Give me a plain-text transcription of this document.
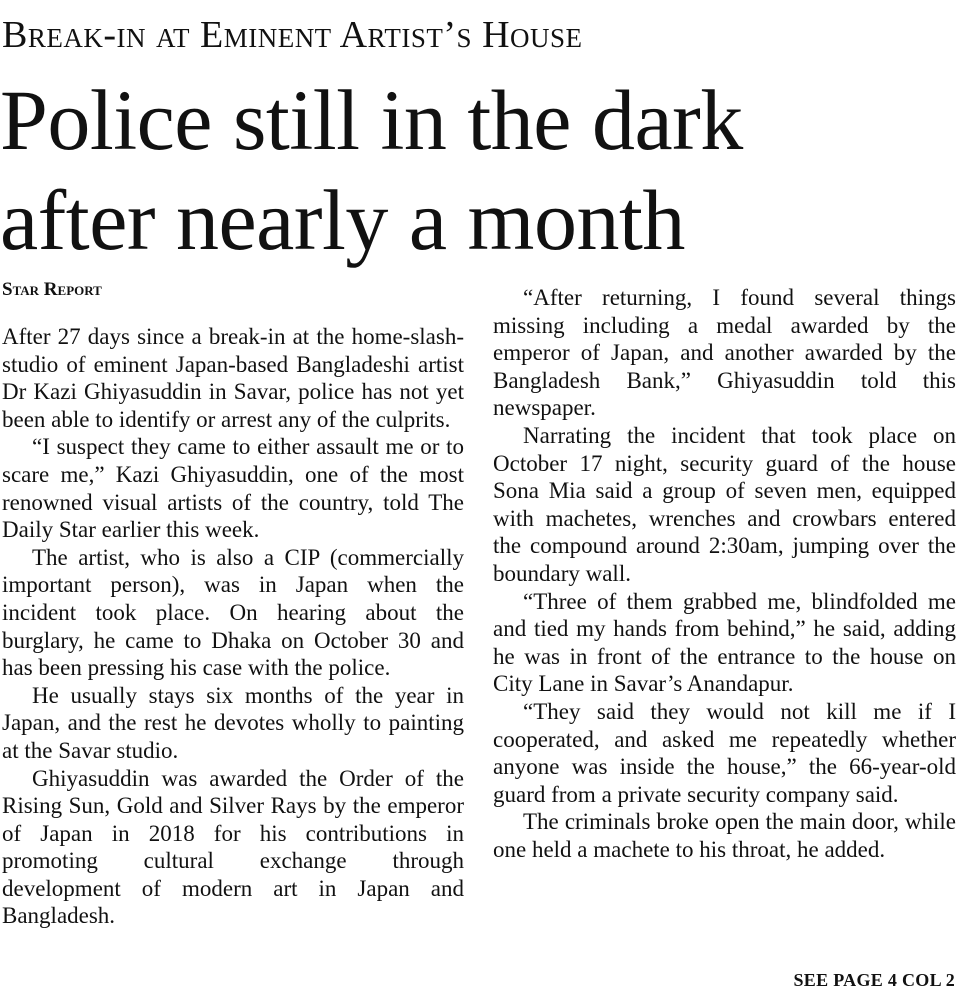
Break-in at Eminent Artist’s House
Police still in the dark
after nearly a month
Star Report

After 27 days since a break-in at the home-slash-studio of eminent Japan-based Bangladeshi artist Dr Kazi Ghiyasuddin in Savar, police has not yet been able to identify or arrest any of the culprits.

“I suspect they came to either assault me or to scare me,” Kazi Ghiyasuddin, one of the most renowned visual artists of the country, told The Daily Star earlier this week.

The artist, who is also a CIP (commercially important person), was in Japan when the incident took place. On hearing about the burglary, he came to Dhaka on October 30 and has been pressing his case with the police.

He usually stays six months of the year in Japan, and the rest he devotes wholly to painting at the Savar studio.

Ghiyasuddin was awarded the Order of the Rising Sun, Gold and Silver Rays by the emperor of Japan in 2018 for his contributions in promoting cultural exchange through development of modern art in Japan and Bangladesh.

“After returning, I found several things missing including a medal awarded by the emperor of Japan, and another awarded by the Bangladesh Bank,” Ghiyasuddin told this newspaper.

Narrating the incident that took place on October 17 night, security guard of the house Sona Mia said a group of seven men, equipped with machetes, wrenches and crowbars entered the compound around 2:30am, jumping over the boundary wall.

“Three of them grabbed me, blindfolded me and tied my hands from behind,” he said, adding he was in front of the entrance to the house on City Lane in Savar’s Anandapur.

“They said they would not kill me if I cooperated, and asked me repeatedly whether anyone was inside the house,” the 66-year-old guard from a private security company said.

The criminals broke open the main door, while one held a machete to his throat, he added.

SEE PAGE 4 COL 2
